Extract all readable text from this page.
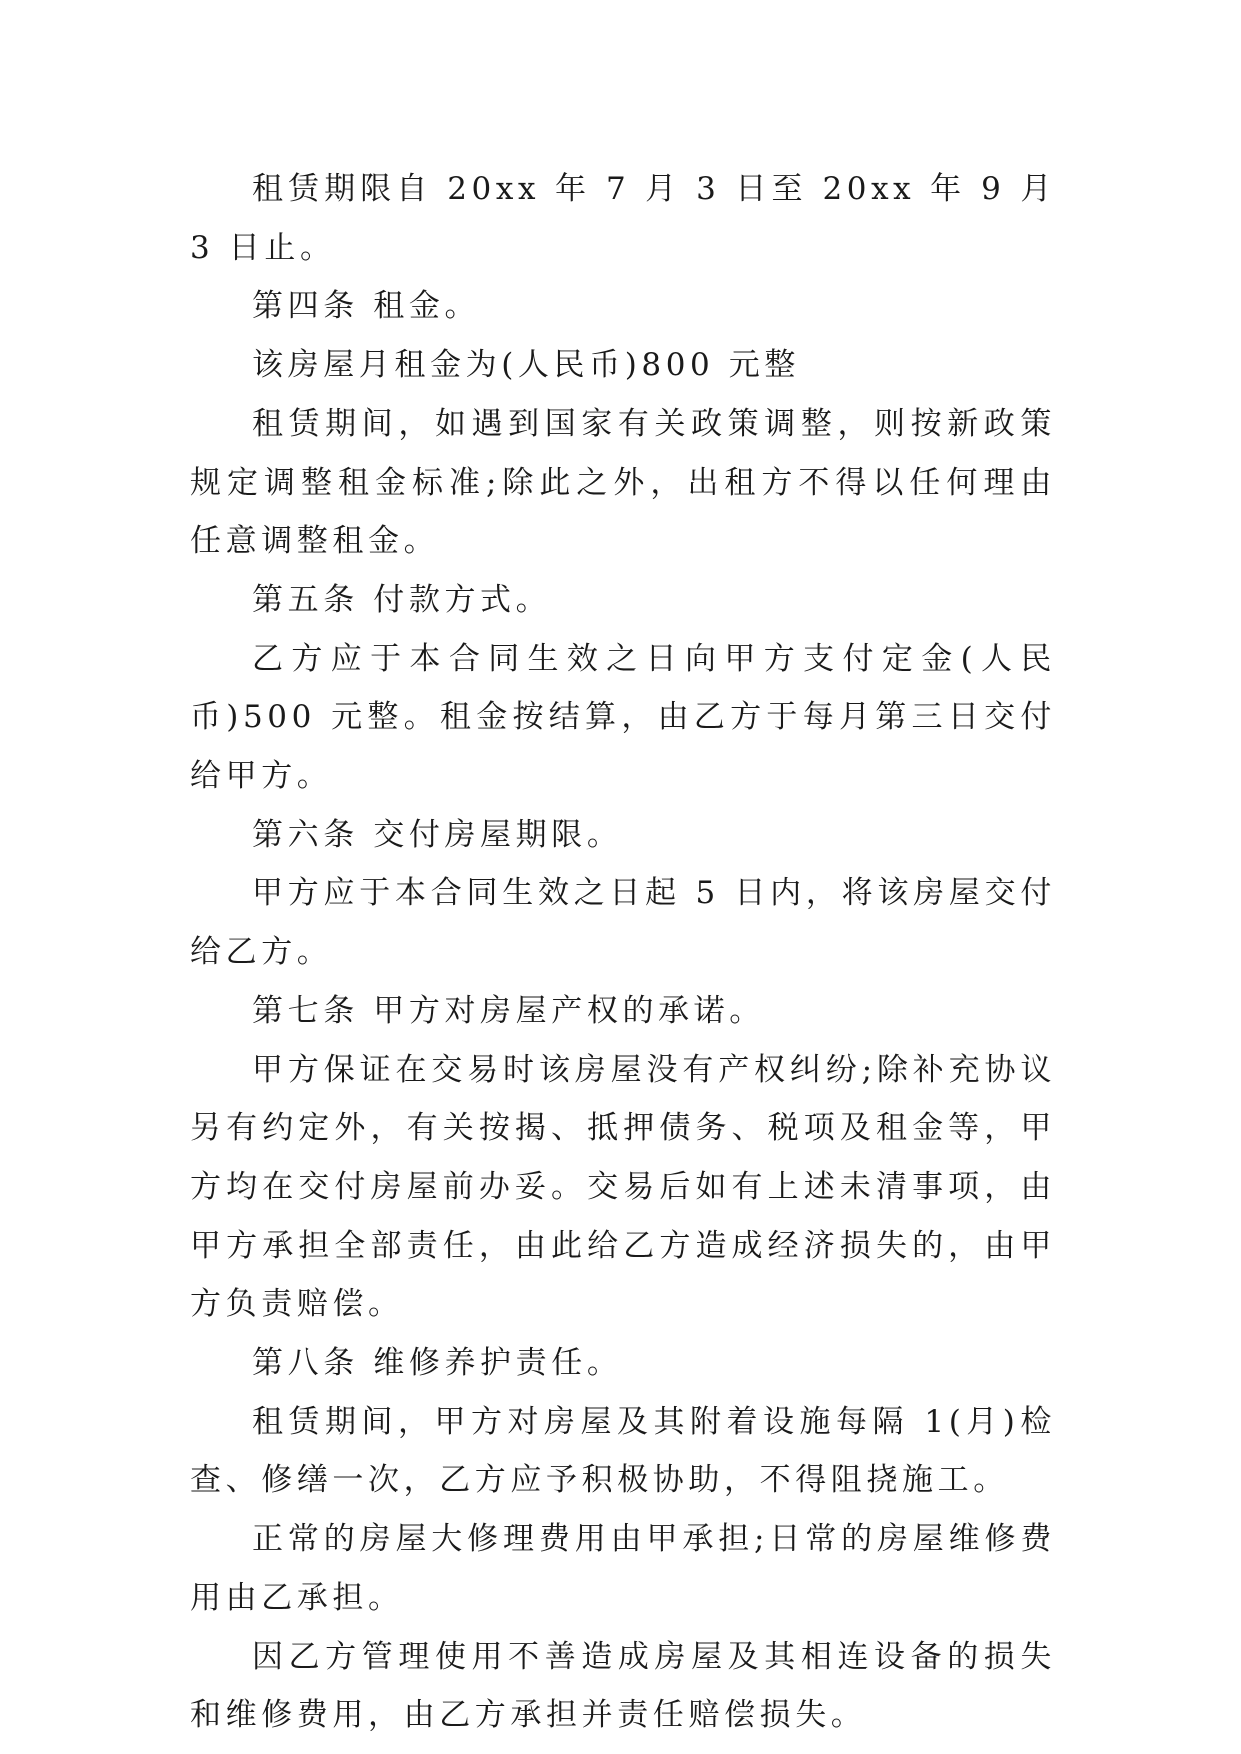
租赁期限自 20xx 年 7 月 3 日至 20xx 年 9 月 3 日止。

第四条 租金。

该房屋月租金为(人民币)800 元整

租赁期间，如遇到国家有关政策调整，则按新政策规定调整租金标准;除此之外，出租方不得以任何理由任意调整租金。

第五条 付款方式。

乙方应于本合同生效之日向甲方支付定金(人民币)500 元整。租金按结算，由乙方于每月第三日交付给甲方。

第六条 交付房屋期限。

甲方应于本合同生效之日起 5 日内，将该房屋交付给乙方。

第七条 甲方对房屋产权的承诺。

甲方保证在交易时该房屋没有产权纠纷;除补充协议另有约定外，有关按揭、抵押债务、税项及租金等，甲方均在交付房屋前办妥。交易后如有上述未清事项，由甲方承担全部责任，由此给乙方造成经济损失的，由甲方负责赔偿。

第八条 维修养护责任。

租赁期间，甲方对房屋及其附着设施每隔 1(月)检查、修缮一次，乙方应予积极协助，不得阻挠施工。

正常的房屋大修理费用由甲承担;日常的房屋维修费用由乙承担。

因乙方管理使用不善造成房屋及其相连设备的损失和维修费用，由乙方承担并责任赔偿损失。
